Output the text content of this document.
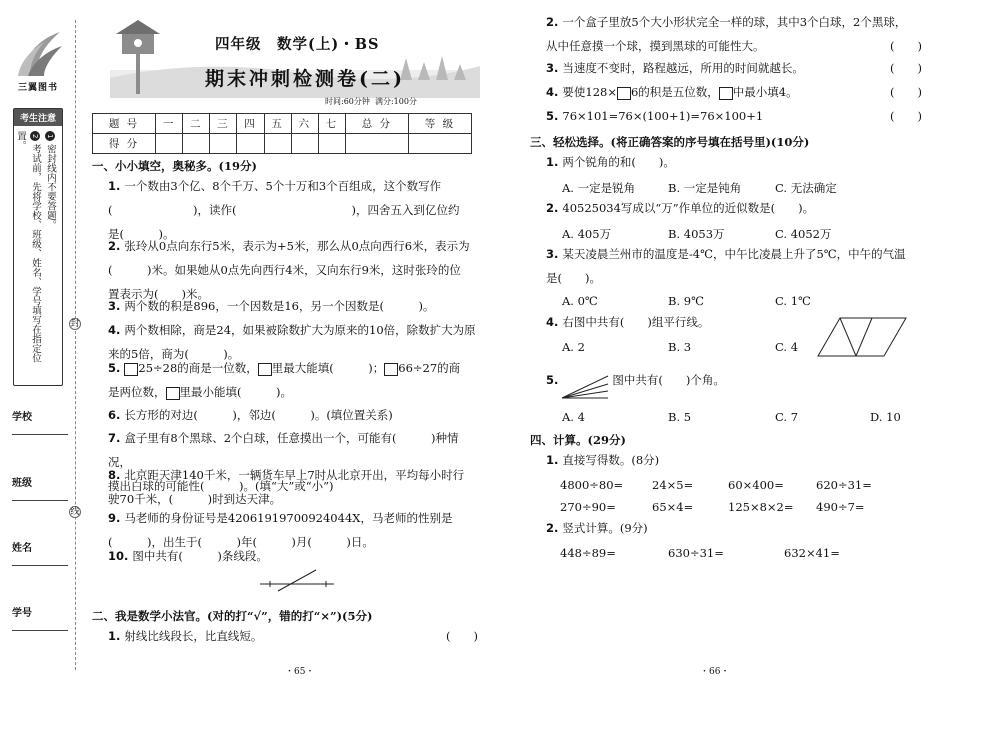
三翼图书
考生注意
1密封线内不要答题。
2考试前，先将学校、班级、姓名、学号填写在指定位置。
学校
班级
姓名
学号
封
线
四年级　数学(上)・BS
期末冲刺检测卷(二)
时间:60分钟 满分:100分
题 号	一	二	三	四	五	六	七	总 分	等 级
得 分									
一、小小填空，奥秘多。(19分)
1. 一个数由3个亿、8个千万、5个十万和3个百组成，这个数写作
(　　　　　　　)，读作(　　　　　　　　　　)，四舍五入到亿位约
是(　　　)。
2. 张玲从0点向东行5米，表示为+5米，那么从0点向西行6米，表示为
(　　　)米。如果她从0点先向西行4米，又向东行9米，这时张玲的位
置表示为(　　)米。
3. 两个数的积是896，一个因数是16，另一个因数是(　　　)。
4. 两个数相除，商是24，如果被除数扩大为原来的10倍，除数扩大为原
来的5倍，商为(　　　)。
5. 25÷28的商是一位数， 里最大能填(　　　)； 66÷27的商
是两位数， 里最小能填(　　　)。
6. 长方形的对边(　　　)，邻边(　　　)。(填位置关系)
7. 盒子里有8个黑球、2个白球，任意摸出一个，可能有(　　　)种情况，
摸出白球的可能性(　　　)。(填“大”或“小”)
8. 北京距天津140千米，一辆货车早上7时从北京开出，平均每小时行
驶70千米，(　　　)时到达天津。
9. 马老师的身份证号是42061919700924044X，马老师的性别是
(　　　)，出生于(　　　)年(　　　)月(　　　)日。
10. 图中共有(　　　)条线段。
二、我是数学小法官。(对的打“√”，错的打“×”)(5分)
1. 射线比线段长，比直线短。	(　　)
・65・
2. 一个盒子里放5个大小形状完全一样的球，其中3个白球，2个黑球，
从中任意摸一个球，摸到黑球的可能性大。	(　　)
3. 当速度不变时，路程越远，所用的时间就越长。	(　　)
4. 要使128× 6的积是五位数， 中最小填4。	(　　)
5. 76×101=76×(100+1)=76×100+1	(　　)
三、轻松选择。(将正确答案的序号填在括号里)(10分)
1. 两个锐角的和(　　)。
A. 一定是锐角	B. 一定是钝角	C. 无法确定
2. 40525034写成以“万”作单位的近似数是(　　)。
A. 405万	B. 4053万	C. 4052万
3. 某天凌晨兰州市的温度是-4℃，中午比凌晨上升了5℃，中午的气温
是(　　)。
A. 0℃	B. 9℃	C. 1℃
4. 右图中共有(　　)组平行线。
A. 2	B. 3	C. 4
5.	图中共有(　　)个角。
A. 4	B. 5	C. 7	D. 10
四、计算。(29分)
1. 直接写得数。(8分)
4800÷80=	24×5=	60×400=	620÷31=
270÷90=	65×4=	125×8×2= 490÷7=
2. 竖式计算。(9分)
448÷89=	630÷31=	632×41=
・66・
